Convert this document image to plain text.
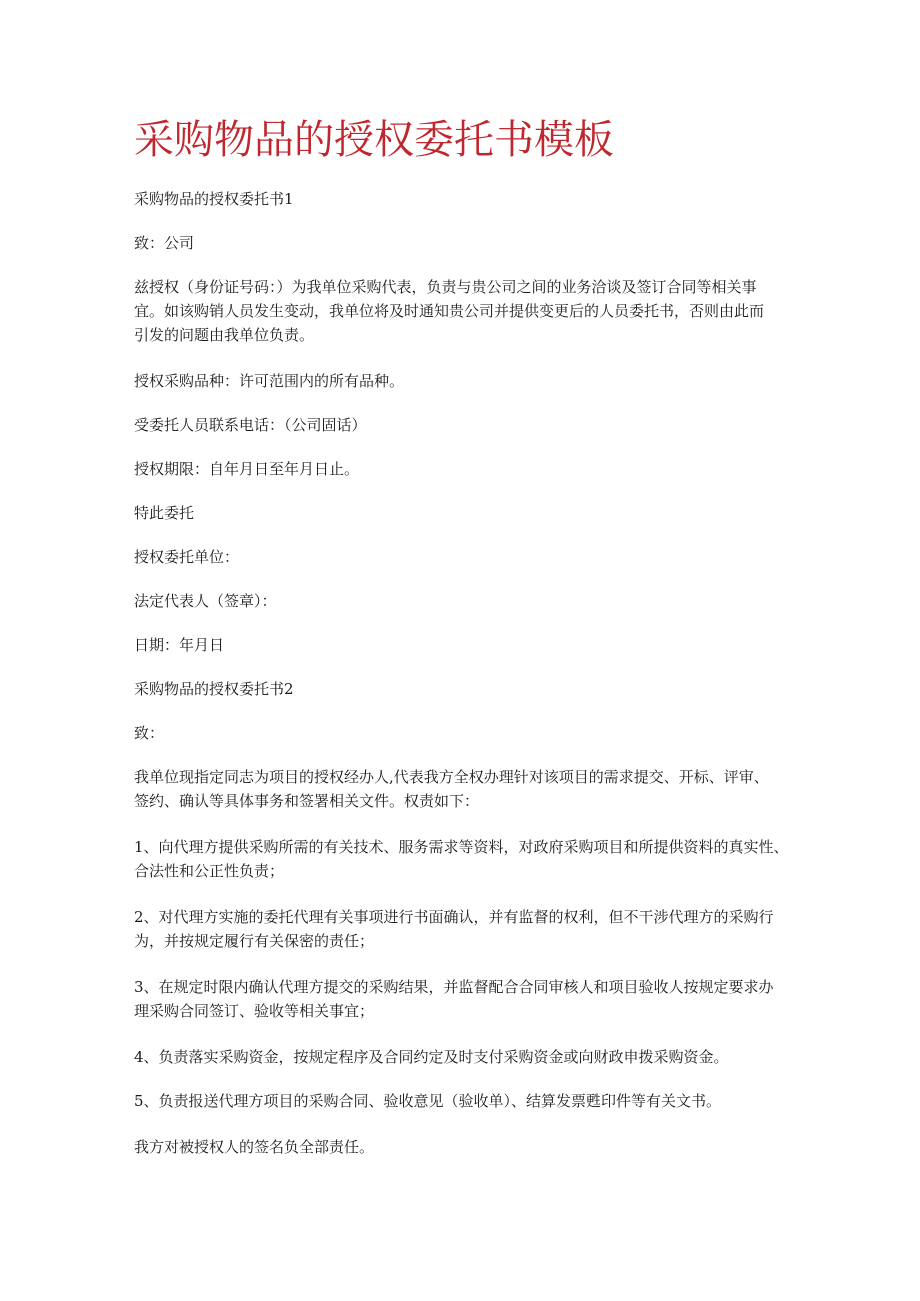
采购物品的授权委托书模板

采购物品的授权委托书1

致：公司

兹授权（身份证号码：）为我单位采购代表，负责与贵公司之间的业务洽谈及签订合同等相关事

宜。如该购销人员发生变动，我单位将及时通知贵公司并提供变更后的人员委托书，否则由此而

引发的问题由我单位负责。

授权采购品种：许可范围内的所有品种。

受委托人员联系电话：（公司固话）

授权期限：自年月日至年月日止。

特此委托

授权委托单位：

法定代表人（签章）：

日期：年月日

采购物品的授权委托书2

致：

我单位现指定同志为项目的授权经办人,代表我方全权办理针对该项目的需求提交、开标、评审、

签约、确认等具体事务和签署相关文件。权责如下：

1、向代理方提供采购所需的有关技术、服务需求等资料，对政府采购项目和所提供资料的真实性、

合法性和公正性负责；

2、对代理方实施的委托代理有关事项进行书面确认，并有监督的权利，但不干涉代理方的采购行

为，并按规定履行有关保密的责任；

3、在规定时限内确认代理方提交的采购结果，并监督配合合同审核人和项目验收人按规定要求办

理采购合同签订、验收等相关事宜；

4、负责落实采购资金，按规定程序及合同约定及时支付采购资金或向财政申拨采购资金。

5、负责报送代理方项目的采购合同、验收意见（验收单）、结算发票甦印件等有关文书。

我方对被授权人的签名负全部责任。
